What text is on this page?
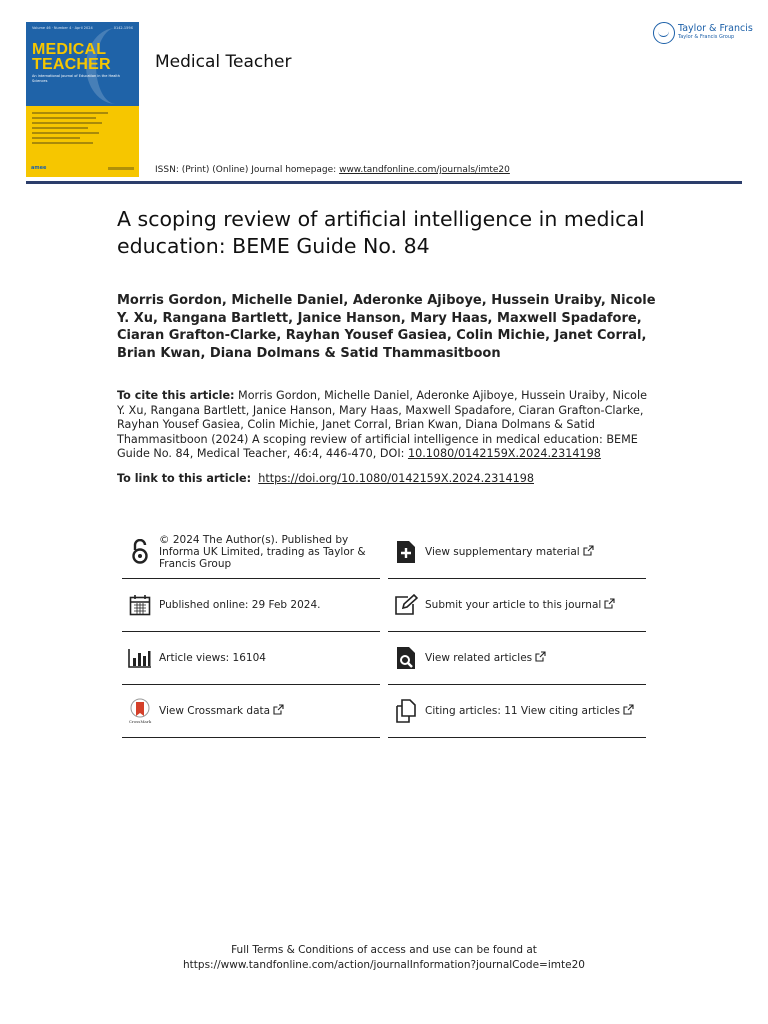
Volume 46 · Number 4 · April 2024	0142-159X
MEDICAL
TEACHER
An international journal of Education in the Health Sciences
amee
Medical Teacher
ISSN: (Print) (Online) Journal homepage: www.tandfonline.com/journals/imte20
Taylor & Francis
Taylor & Francis Group
A scoping review of artificial intelligence in medical education: BEME Guide No. 84
Morris Gordon, Michelle Daniel, Aderonke Ajiboye, Hussein Uraiby, Nicole Y. Xu, Rangana Bartlett, Janice Hanson, Mary Haas, Maxwell Spadafore, Ciaran Grafton-Clarke, Rayhan Yousef Gasiea, Colin Michie, Janet Corral, Brian Kwan, Diana Dolmans & Satid Thammasitboon
To cite this article: Morris Gordon, Michelle Daniel, Aderonke Ajiboye, Hussein Uraiby, Nicole Y. Xu, Rangana Bartlett, Janice Hanson, Mary Haas, Maxwell Spadafore, Ciaran Grafton-Clarke, Rayhan Yousef Gasiea, Colin Michie, Janet Corral, Brian Kwan, Diana Dolmans & Satid Thammasitboon (2024) A scoping review of artificial intelligence in medical education: BEME Guide No. 84, Medical Teacher, 46:4, 446-470, DOI: 10.1080/0142159X.2024.2314198
To link to this article: https://doi.org/10.1080/0142159X.2024.2314198
© 2024 The Author(s). Published by Informa UK Limited, trading as Taylor & Francis Group
Published online: 29 Feb 2024.
Article views: 16104
CrossMark
View Crossmark data
View supplementary material
Submit your article to this journal
View related articles
Citing articles: 11 View citing articles
Full Terms & Conditions of access and use can be found at
https://www.tandfonline.com/action/journalInformation?journalCode=imte20
